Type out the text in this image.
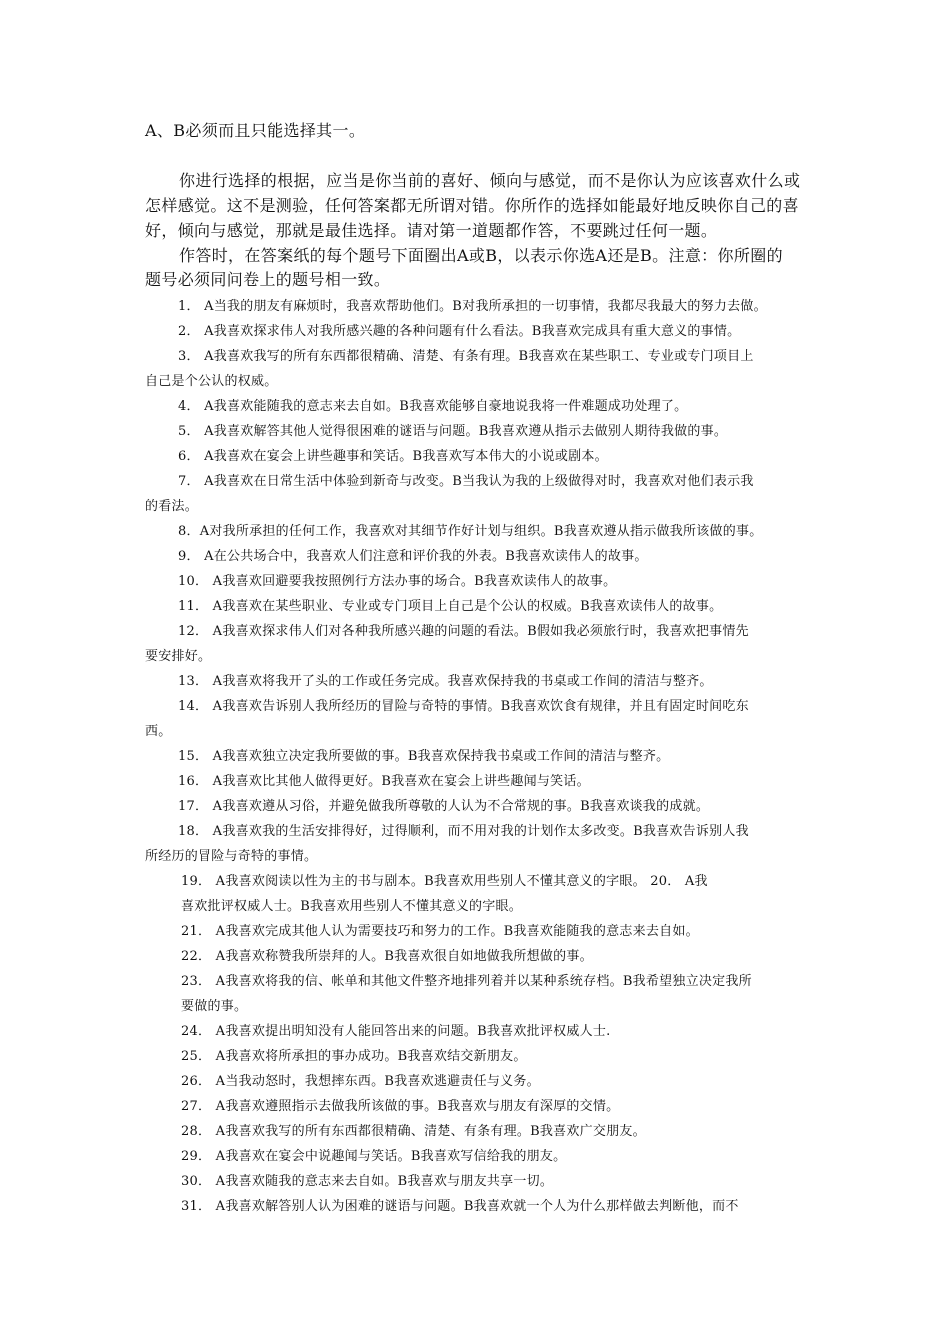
A、B必须而且只能选择其一。

你进行选择的根据，应当是你当前的喜好、倾向与感觉，而不是你认为应该喜欢什么或

怎样感觉。这不是测验，任何答案都无所谓对错。你所作的选择如能最好地反映你自己的喜

好，倾向与感觉，那就是最佳选择。请对第一道题都作答，不要跳过任何一题。

作答时，在答案纸的每个题号下面圈出A或B，以表示你选A还是B。注意：你所圈的

题号必须同问卷上的题号相一致。

1． A当我的朋友有麻烦时，我喜欢帮助他们。B对我所承担的一切事情，我都尽我最大的努力去做。

2． A我喜欢探求伟人对我所感兴趣的各种问题有什么看法。B我喜欢完成具有重大意义的事情。

3． A我喜欢我写的所有东西都很精确、清楚、有条有理。B我喜欢在某些职工、专业或专门项目上

自己是个公认的权威。

4． A我喜欢能随我的意志来去自如。B我喜欢能够自豪地说我将一件难题成功处理了。

5． A我喜欢解答其他人觉得很困难的谜语与问题。B我喜欢遵从指示去做别人期待我做的事。

6． A我喜欢在宴会上讲些趣事和笑话。B我喜欢写本伟大的小说或剧本。

7． A我喜欢在日常生活中体验到新奇与改变。B当我认为我的上级做得对时，我喜欢对他们表示我

的看法。

8．A对我所承担的任何工作，我喜欢对其细节作好计划与组织。B我喜欢遵从指示做我所该做的事。

9． A在公共场合中，我喜欢人们注意和评价我的外表。B我喜欢读伟人的故事。

10． A我喜欢回避要我按照例行方法办事的场合。B我喜欢读伟人的故事。

11． A我喜欢在某些职业、专业或专门项目上自己是个公认的权威。B我喜欢读伟人的故事。

12． A我喜欢探求伟人们对各种我所感兴趣的问题的看法。B假如我必须旅行时，我喜欢把事情先

要安排好。

13． A我喜欢将我开了头的工作或任务完成。我喜欢保持我的书桌或工作间的清洁与整齐。

14． A我喜欢告诉别人我所经历的冒险与奇特的事情。B我喜欢饮食有规律，并且有固定时间吃东

西。

15． A我喜欢独立决定我所要做的事。B我喜欢保持我书桌或工作间的清洁与整齐。

16． A我喜欢比其他人做得更好。B我喜欢在宴会上讲些趣闻与笑话。

17． A我喜欢遵从习俗，并避免做我所尊敬的人认为不合常规的事。B我喜欢谈我的成就。

18． A我喜欢我的生活安排得好，过得顺利，而不用对我的计划作太多改变。B我喜欢告诉别人我

所经历的冒险与奇特的事情。

19． A我喜欢阅读以性为主的书与剧本。B我喜欢用些别人不懂其意义的字眼。 20． A我

喜欢批评权威人士。B我喜欢用些别人不懂其意义的字眼。

21． A我喜欢完成其他人认为需要技巧和努力的工作。B我喜欢能随我的意志来去自如。

22． A我喜欢称赞我所崇拜的人。B我喜欢很自如地做我所想做的事。

23． A我喜欢将我的信、帐单和其他文件整齐地排列着并以某种系统存档。B我希望独立决定我所

要做的事。

24． A我喜欢提出明知没有人能回答出来的问题。B我喜欢批评权威人士.

25． A我喜欢将所承担的事办成功。B我喜欢结交新朋友。

26． A当我动怒时，我想摔东西。B我喜欢逃避责任与义务。

27． A我喜欢遵照指示去做我所该做的事。B我喜欢与朋友有深厚的交情。

28． A我喜欢我写的所有东西都很精确、清楚、有条有理。B我喜欢广交朋友。

29． A我喜欢在宴会中说趣闻与笑话。B我喜欢写信给我的朋友。

30． A我喜欢随我的意志来去自如。B我喜欢与朋友共享一切。

31． A我喜欢解答别人认为困难的谜语与问题。B我喜欢就一个人为什么那样做去判断他，而不
